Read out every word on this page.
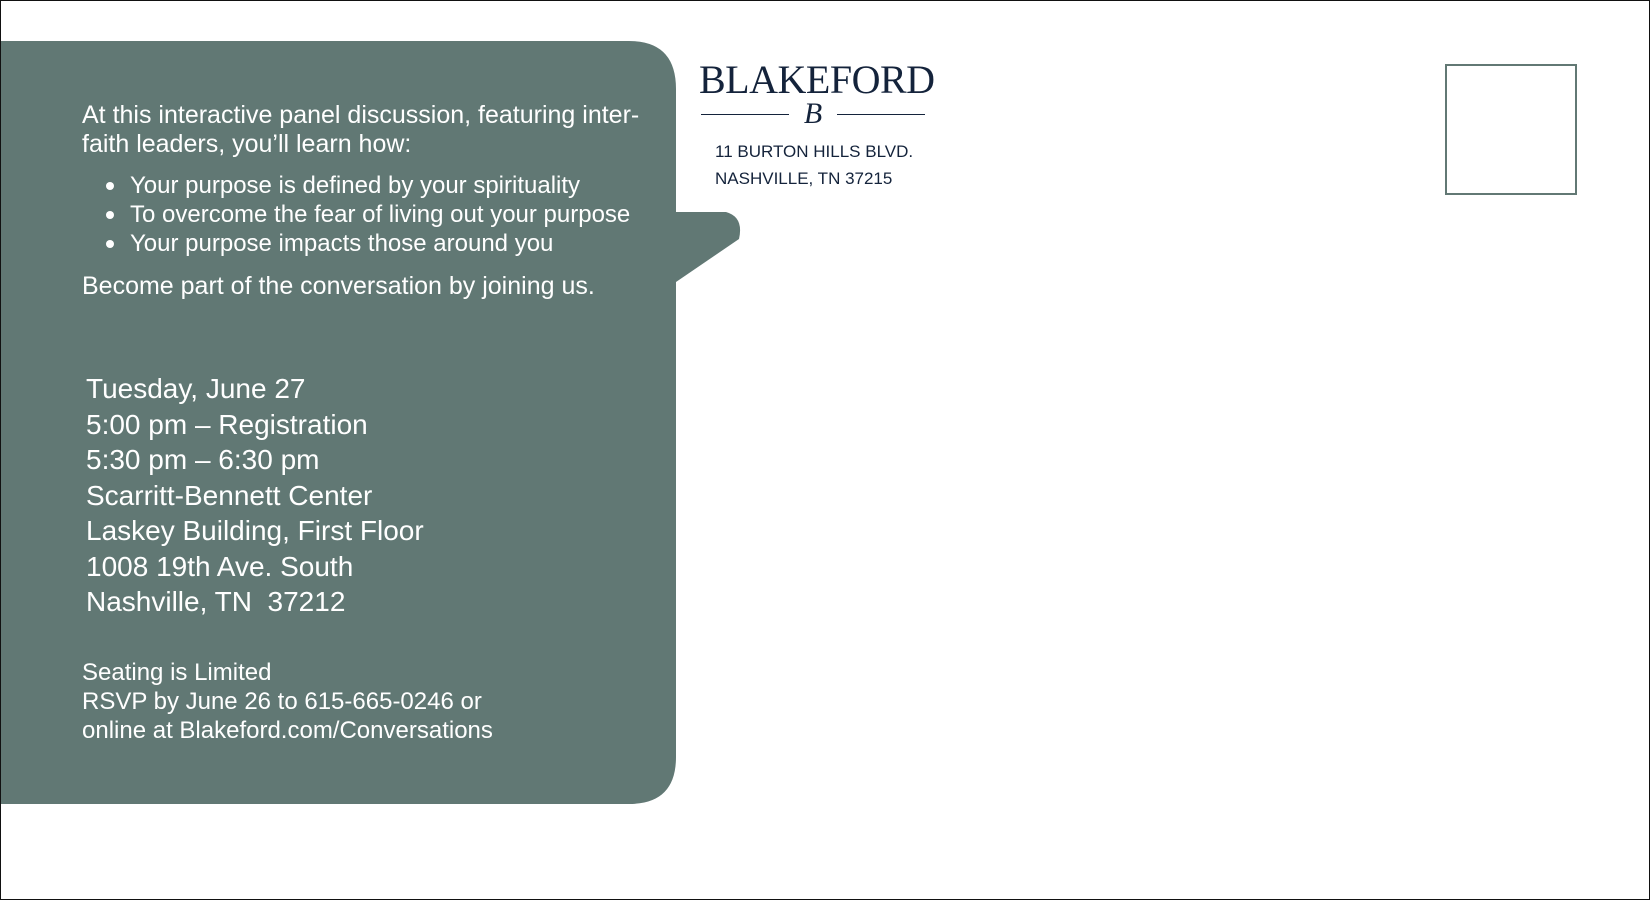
At this interactive panel discussion, featuring inter-faith leaders, you’ll learn how:

Your purpose is defined by your spirituality
To overcome the fear of living out your purpose
Your purpose impacts those around you

Become part of the conversation by joining us.

Tuesday, June 27
5:00 pm – Registration
5:30 pm – 6:30 pm
Scarritt-Bennett Center
Laskey Building, First Floor
1008 19th Ave. South
Nashville, TN  37212
Seating is Limited
RSVP by June 26 to 615-665-0246 or
online at Blakeford.com/Conversations
BLAKEFORD
B
11 BURTON HILLS BLVD.
NASHVILLE, TN 37215
